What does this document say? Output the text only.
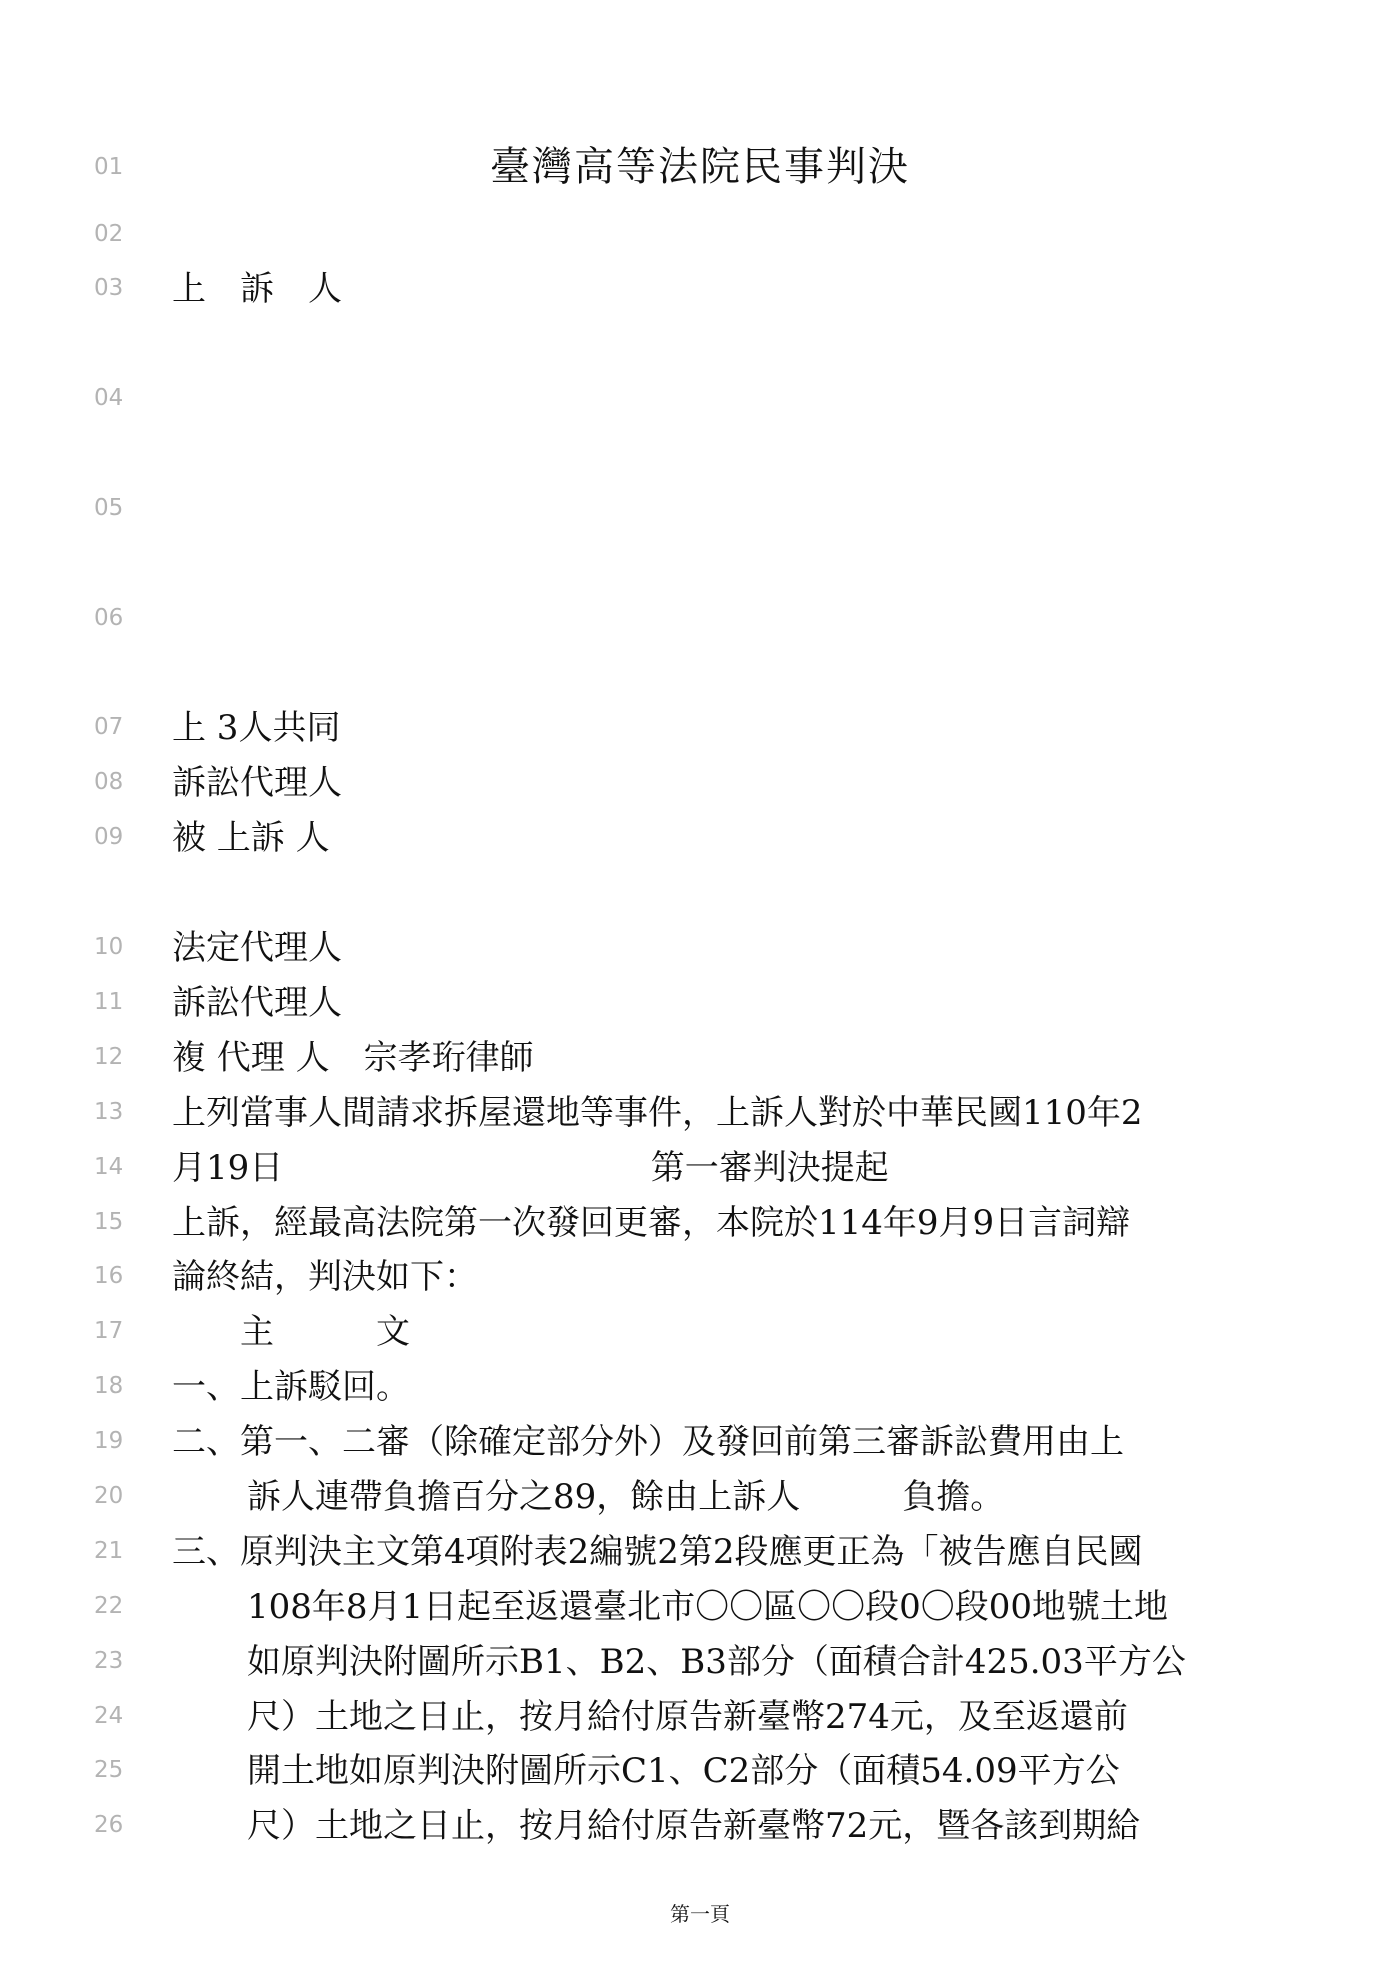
臺灣高等法院民事判決
01
02
03 上　訴　人
04
05
06
07 上 3人共同
08 訴訟代理人
09 被 上訴 人
10 法定代理人
11 訴訟代理人
12 複 代理 人　宗孝珩律師
13 上列當事人間請求拆屋還地等事件，上訴人對於中華民國110年2
14 月19日                                  第一審判決提起
15 上訴，經最高法院第一次發回更審，本院於114年9月9日言詞辯
16 論終結，判決如下：
17 　　主　　　文
18 一、上訴駁回。
19 二、第一、二審（除確定部分外）及發回前第三審訴訟費用由上
20	訴人連帶負擔百分之89，餘由上訴人　　　負擔。
21 三、原判決主文第4項附表2編號2第2段應更正為「被告應自民國
22	108年8月1日起至返還臺北市〇〇區〇〇段0〇段00地號土地
23	如原判決附圖所示B1、B2、B3部分（面積合計425.03平方公
24	尺）土地之日止，按月給付原告新臺幣274元，及至返還前
25	開土地如原判決附圖所示C1、C2部分（面積54.09平方公
26	尺）土地之日止，按月給付原告新臺幣72元，暨各該到期給
第一頁
